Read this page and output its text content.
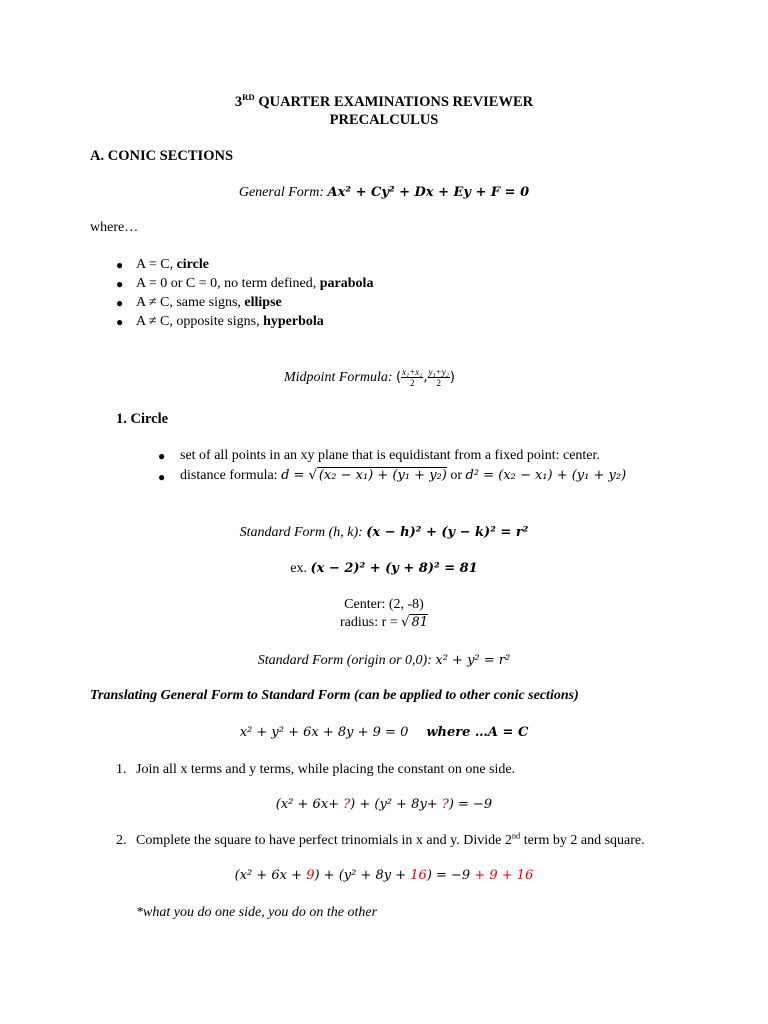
3RD QUARTER EXAMINATIONS REVIEWER
PRECALCULUS
A. CONIC SECTIONS
General Form: Ax² + Cy² + Dx + Ey + F = 0
where…
● A = C, circle
● A = 0 or C = 0, no term defined, parabola
● A ≠ C, same signs, ellipse
● A ≠ C, opposite signs, hyperbola
Midpoint Formula: ( $\frac{\text{x₁+x₂}}{2}$ , $\frac{\text{y₁+y₂}}{2}$ )
1. Circle
● set of all points in an xy plane that is equidistant from a fixed point: center.
● distance formula: d = √ (x₂ − x₁) + (y₁ + y₂) or d² = (x₂ − x₁) + (y₁ + y₂)
Standard Form (h, k): (x − h)² + (y − k)² = r²
ex. (x − 2)² + (y + 8)² = 81
Center: (2, -8)
radius: r = √ 81
Standard Form (origin or 0,0): x² + y² = r²
Translating General Form to Standard Form (can be applied to other conic sections)
x² + y² + 6x + 8y + 9 = 0 where …A = C
1. Join all x terms and y terms, while placing the constant on one side.
(x² + 6x+ ?) + (y² + 8y+ ?) = −9
2. Complete the square to have perfect trinomials in x and y. Divide 2nd term by 2 and square.
(x² + 6x + 9) + (y² + 8y + 16) = −9 + 9 + 16
*what you do one side, you do on the other
